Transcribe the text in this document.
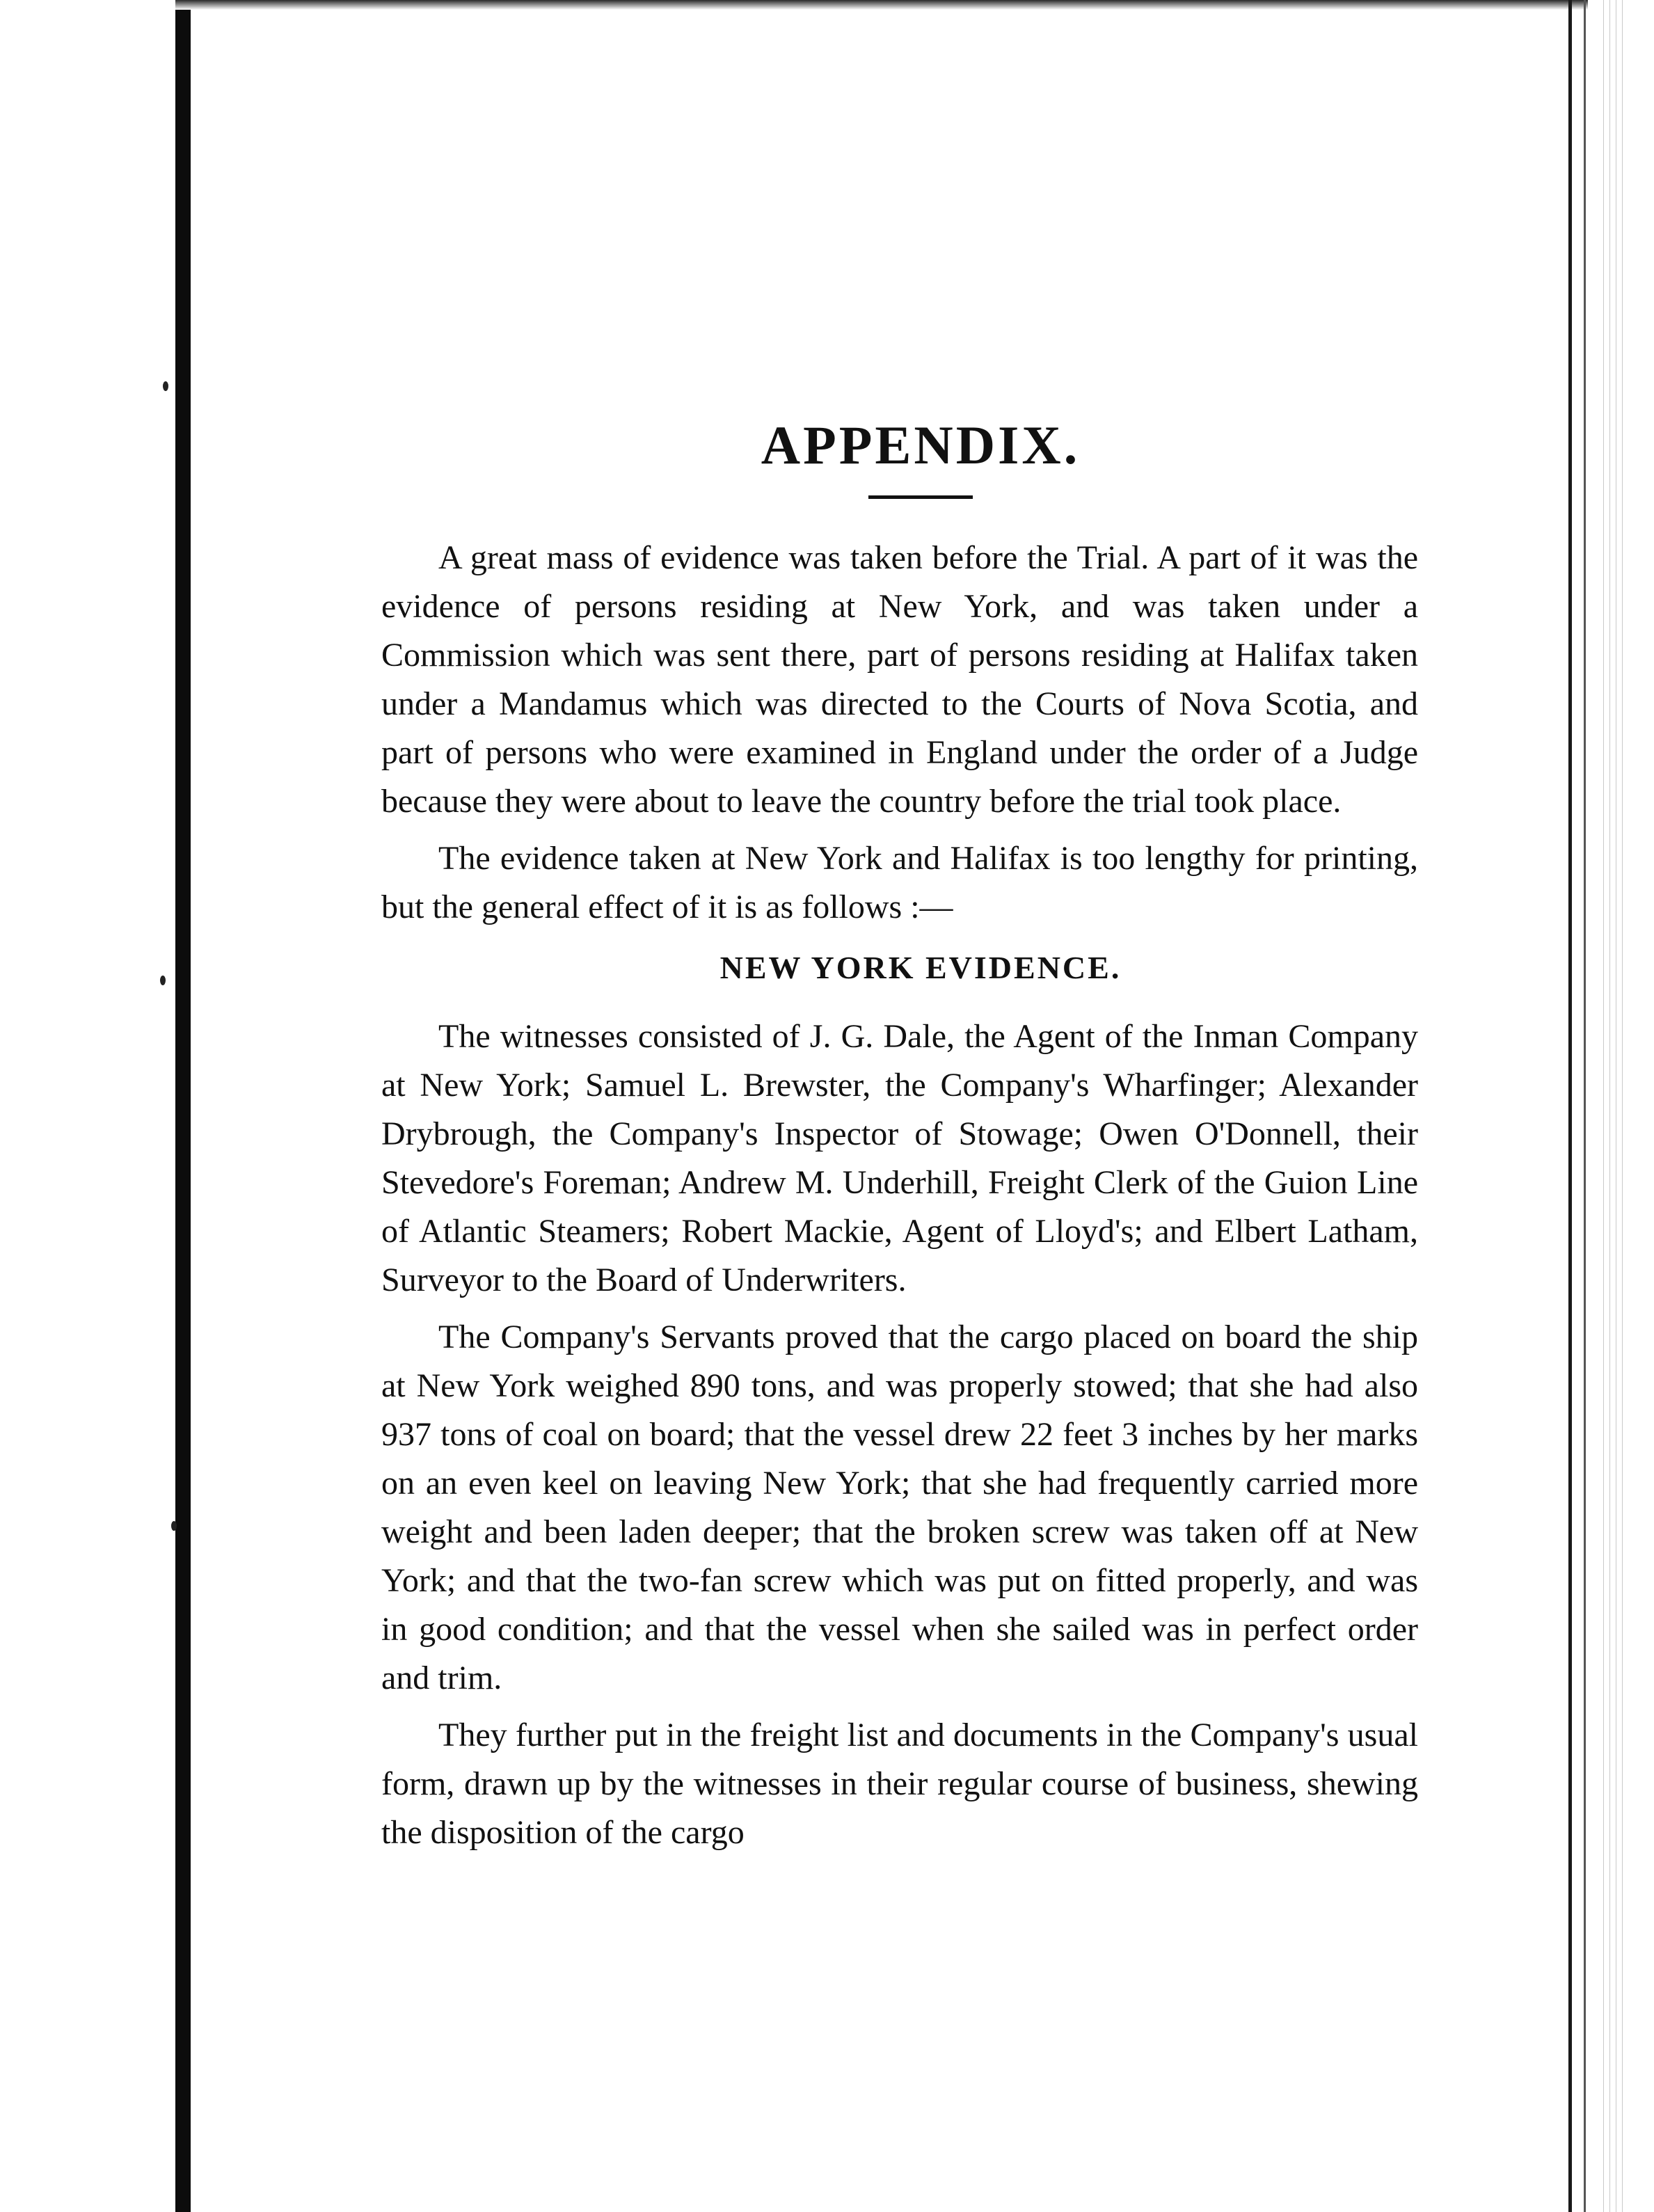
APPENDIX.

A great mass of evidence was taken before the Trial. A part of it was the evidence of persons residing at New York, and was taken under a Commission which was sent there, part of persons residing at Halifax taken under a Mandamus which was directed to the Courts of Nova Scotia, and part of persons who were examined in England under the order of a Judge because they were about to leave the country before the trial took place.

The evidence taken at New York and Halifax is too lengthy for printing, but the general effect of it is as follows :—

NEW YORK EVIDENCE.

The witnesses consisted of J. G. Dale, the Agent of the Inman Company at New York; Samuel L. Brewster, the Company's Wharfinger; Alexander Drybrough, the Company's Inspector of Stowage; Owen O'Donnell, their Stevedore's Foreman; Andrew M. Underhill, Freight Clerk of the Guion Line of Atlantic Steamers; Robert Mackie, Agent of Lloyd's; and Elbert Latham, Surveyor to the Board of Underwriters.

The Company's Servants proved that the cargo placed on board the ship at New York weighed 890 tons, and was properly stowed; that she had also 937 tons of coal on board; that the vessel drew 22 feet 3 inches by her marks on an even keel on leaving New York; that she had frequently carried more weight and been laden deeper; that the broken screw was taken off at New York; and that the two-fan screw which was put on fitted properly, and was in good condition; and that the vessel when she sailed was in perfect order and trim.

They further put in the freight list and documents in the Company's usual form, drawn up by the witnesses in their regular course of business, shewing the disposition of the cargo
